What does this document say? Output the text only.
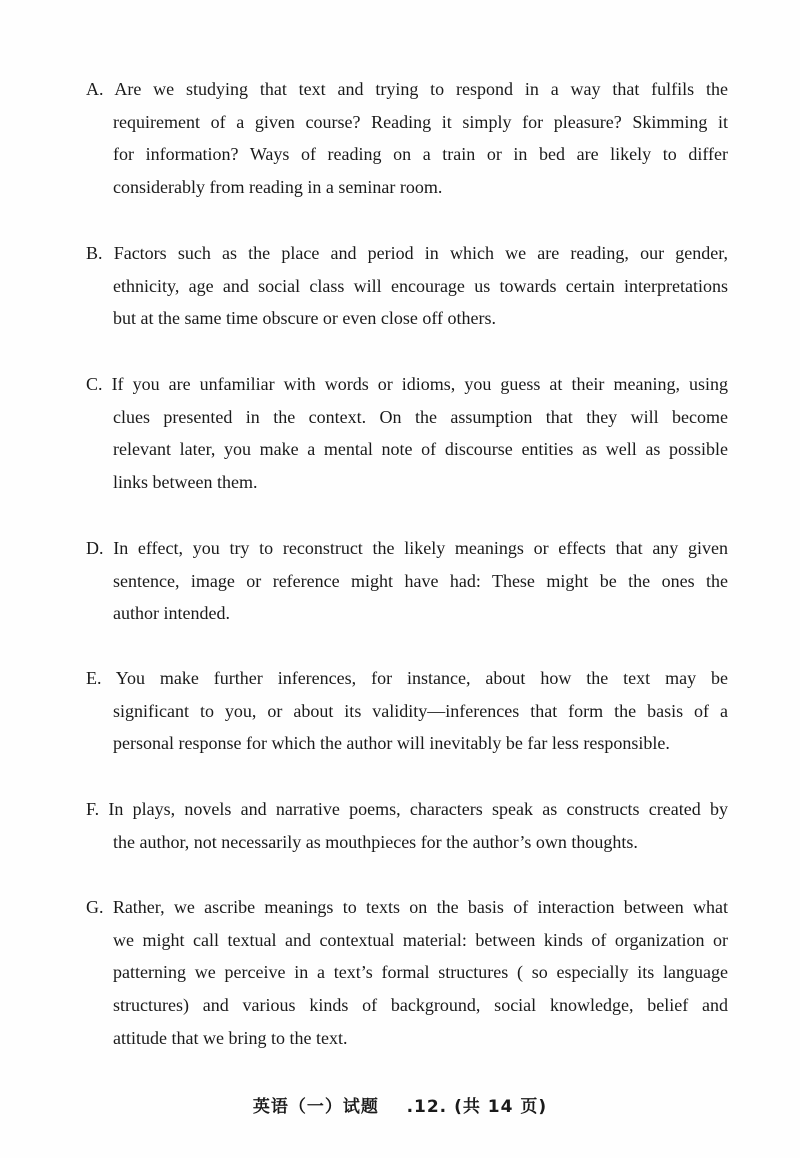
A. Are we studying that text and trying to respond in a way that fulfils the
requirement of a given course? Reading it simply for pleasure? Skimming it
for information? Ways of reading on a train or in bed are likely to differ
considerably from reading in a seminar room.
B. Factors such as the place and period in which we are reading, our gender,
ethnicity, age and social class will encourage us towards certain interpretations
but at the same time obscure or even close off others.
C. If you are unfamiliar with words or idioms, you guess at their meaning, using
clues presented in the context. On the assumption that they will become
relevant later, you make a mental note of discourse entities as well as possible
links between them.
D. In effect, you try to reconstruct the likely meanings or effects that any given
sentence, image or reference might have had: These might be the ones the
author intended.
E. You make further inferences, for instance, about how the text may be
significant to you, or about its validity—inferences that form the basis of a
personal response for which the author will inevitably be far less responsible.
F. In plays, novels and narrative poems, characters speak as constructs created by
the author, not necessarily as mouthpieces for the author’s own thoughts.
G. Rather, we ascribe meanings to texts on the basis of interaction between what
we might call textual and contextual material: between kinds of organization or
patterning we perceive in a text’s formal structures ( so especially its language
structures) and various kinds of background, social knowledge, belief and
attitude that we bring to the text.
英语（一）试题 .12. (共 14 页)
